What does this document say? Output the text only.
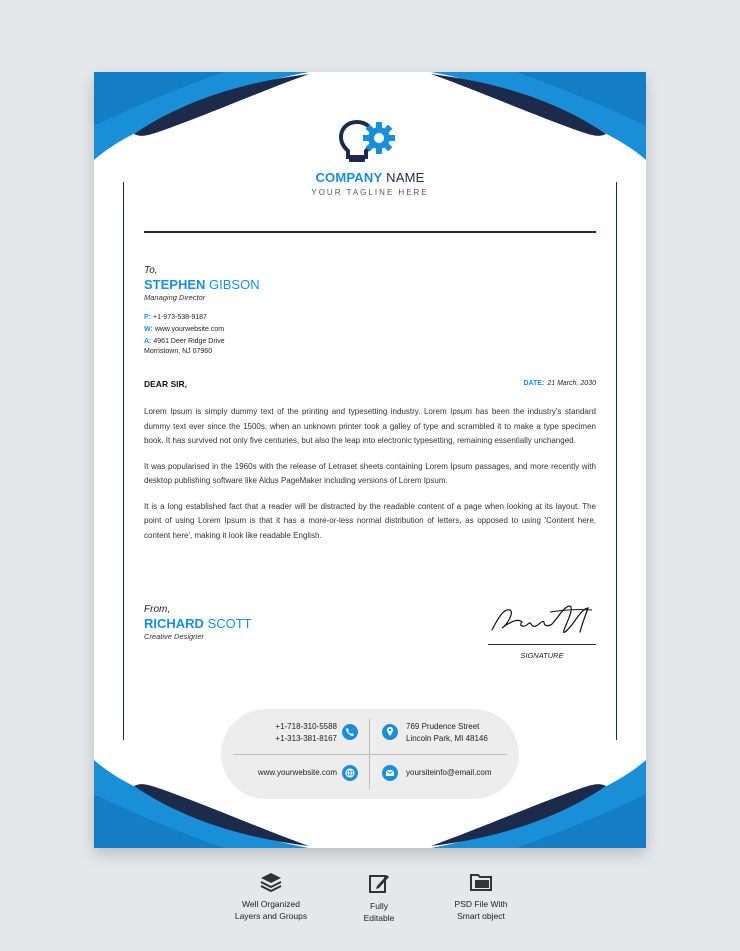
COMPANY NAME
YOUR TAGLINE HERE
To,
STEPHEN GIBSON
Managing Director
P: +1-973-538-9187
W: www.yourwebsite.com
A: 4961 Deer Ridge Drive
Morristown, NJ 07960
DEAR SIR,	DATE: 21 March, 2030

Lorem Ipsum is simply dummy text of the printing and typesetting industry. Lorem Ipsum has been the industry's standard dummy text ever since the 1500s, when an unknown printer took a galley of type and scrambled it to make a type specimen book. It has survived not only five centuries, but also the leap into electronic typesetting, remaining essentially unchanged.

It was popularised in the 1960s with the release of Letraset sheets containing Lorem Ipsum passages, and more recently with desktop publishing software like Aldus PageMaker including versions of Lorem Ipsum.

It is a long established fact that a reader will be distracted by the readable content of a page when looking at its layout. The point of using Lorem Ipsum is that it has a more-or-less normal distribution of letters, as opposed to using 'Content here, content here', making it look like readable English.

From,
RICHARD SCOTT
Creative Designer
SIGNATURE
+1-718-310-5588
+1-313-381-8167
769 Prudence Street
Lincoln Park, MI 48146
www.yourwebsite.com	yoursiteinfo@email.com
Well Organized
Layers and Groups
Fully
Editable
PSD File With
Smart object
